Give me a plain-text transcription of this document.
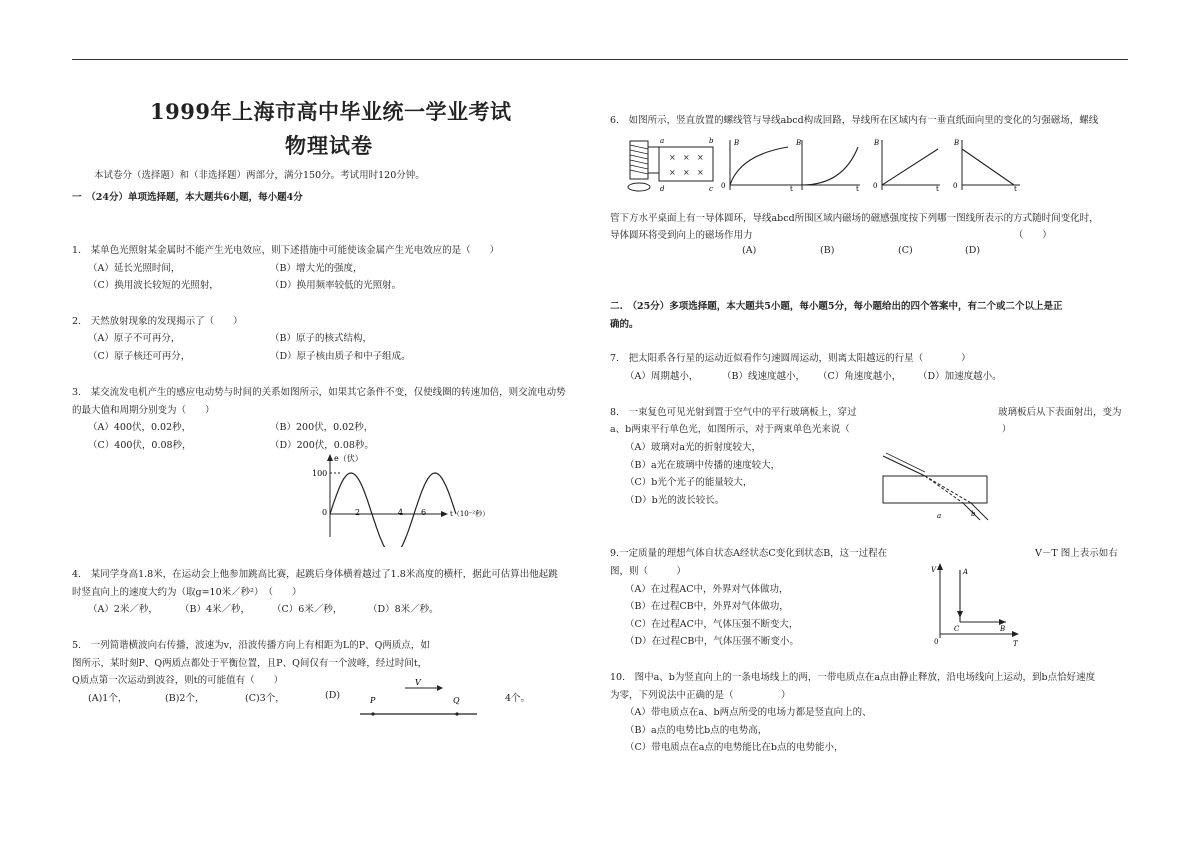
1999年上海市高中毕业统一学业考试
物理试卷
本试卷分（选择题）和（非选择题）两部分，满分150分。考试用时120分钟。
一　（24分）单项选择题，本大题共6小题，每小题4分
1.　某单色光照射某金属时不能产生光电效应，则下述措施中可能使该金属产生光电效应的是（　　）
（A）延长光照时间，	（B）增大光的强度，
（C）换用波长较短的光照射，	（D）换用频率较低的光照射。
2.　天然放射现象的发现揭示了（　　）
（A）原子不可再分，	（B）原子的核式结构，
（C）原子核还可再分，	（D）原子核由质子和中子组成。
3.　某交流发电机产生的感应电动势与时间的关系如图所示，如果其它条件不变，仅使线圈的转速加倍，则交流电动势
的最大值和周期分别变为（　　）
（A）400伏，0.02秒，	（B）200伏，0.02秒，
（C）400伏，0.08秒，	（D）200伏，0.08秒。
e（伏）
100
0	2	4 6	t（10⁻²秒）
4.　某同学身高1.8米，在运动会上他参加跳高比赛，起跳后身体横着越过了1.8米高度的横杆，据此可估算出他起跳
时竖直向上的速度大约为（取g=10米／秒²）　（　　）
（A）2米／秒， （B）4米／秒， （C）6米／秒，	（D）8米／秒。
5.　一列简谐横波向右传播，波速为v，沿波传播方向上有相距为L的P、Q两质点，如
图所示，某时刻P、Q两质点都处于平衡位置，且P、Q间仅有一个波峰，经过时间t，
Q质点第一次运动到波谷，则t的可能值有（　　）
(A)1个，	(B)2个，	(C)3个，	(D)	4个。
V
P	Q
6.　如图所示，竖直放置的螺线管与导线abcd构成回路，导线所在区域内有一垂直纸面向里的变化的匀强磁场，螺线
× × ×
× × ×
a	b
c
d	0	t
B	B
t 0
B
t 0
B
t
管下方水平桌面上有一导体圆环，导线abcd所围区域内磁场的磁感强度按下列哪一图线所表示的方式随时间变化时，
导体圆环将受到向上的磁场作用力　　　　　　　　　　　　　　　　　　　　　　　　　　　　（　　）
(A)	(B)	(C)	(D)
二.　（25分）多项选择题，本大题共5小题，每小题5分，每小题给出的四个答案中，有二个或二个以上是正
确的。
7.　把太阳系各行星的运动近似看作匀速圆周运动，则离太阳越远的行星（　　　　）
（A）周期越小， （B）线速度越小， （C）角速度越小， （D）加速度越小。
8.　一束复色可见光射到置于空气中的平行玻璃板上，穿过	玻璃板后从下表面射出，变为
a、b两束平行单色光，如图所示，对于两束单色光来说（　　　　　　　　　　　　　　　　）
（A）玻璃对a光的折射度较大，
（B）a光在玻璃中传播的速度较大，
（C）b光个光子的能量较大，
（D）b光的波长较长。
a	b
9.一定质量的理想气体自状态A经状态C变化到状态B，这一过程在	V－T 图上表示如右
图，则（　　　）
（A）在过程AC中，外界对气体做功，
（B）在过程CB中，外界对气体做功，
（C）在过程AC中，气体压强不断变大，
（D）在过程CB中，气体压强不断变小。
V
T
0
A
C	B
10.　图中a、b为竖直向上的一条电场线上的两，一带电质点在a点由静止释放，沿电场线向上运动，到b点恰好速度
为零，下列说法中正确的是（　　　　　）
（A）带电质点在a、b两点所受的电场力都是竖直向上的、
（B）a点的电势比b点的电势高，
（C）带电质点在a点的电势能比在b点的电势能小，
